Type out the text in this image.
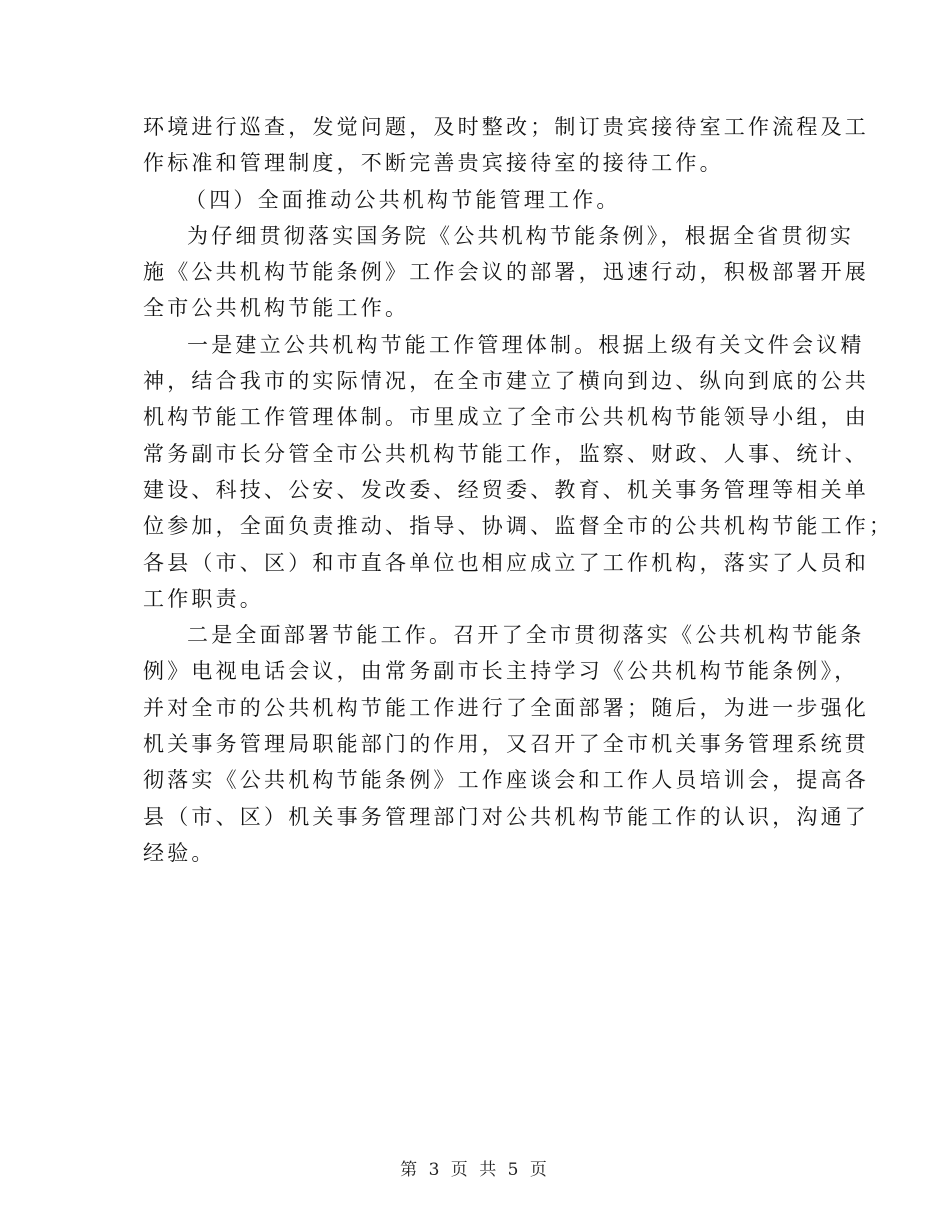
环境进行巡查，发觉问题，及时整改；制订贵宾接待室工作流程及工
作标准和管理制度，不断完善贵宾接待室的接待工作。
（四）全面推动公共机构节能管理工作。
为仔细贯彻落实国务院《公共机构节能条例》，根据全省贯彻实
施《公共机构节能条例》工作会议的部署，迅速行动，积极部署开展
全市公共机构节能工作。
一是建立公共机构节能工作管理体制。根据上级有关文件会议精
神，结合我市的实际情况，在全市建立了横向到边、纵向到底的公共
机构节能工作管理体制。市里成立了全市公共机构节能领导小组，由
常务副市长分管全市公共机构节能工作，监察、财政、人事、统计、
建设、科技、公安、发改委、经贸委、教育、机关事务管理等相关单
位参加，全面负责推动、指导、协调、监督全市的公共机构节能工作；
各县（市、区）和市直各单位也相应成立了工作机构，落实了人员和
工作职责。
二是全面部署节能工作。召开了全市贯彻落实《公共机构节能条
例》电视电话会议，由常务副市长主持学习《公共机构节能条例》，
并对全市的公共机构节能工作进行了全面部署；随后，为进一步强化
机关事务管理局职能部门的作用，又召开了全市机关事务管理系统贯
彻落实《公共机构节能条例》工作座谈会和工作人员培训会，提高各
县（市、区）机关事务管理部门对公共机构节能工作的认识，沟通了
经验。
第 3 页 共 5 页
